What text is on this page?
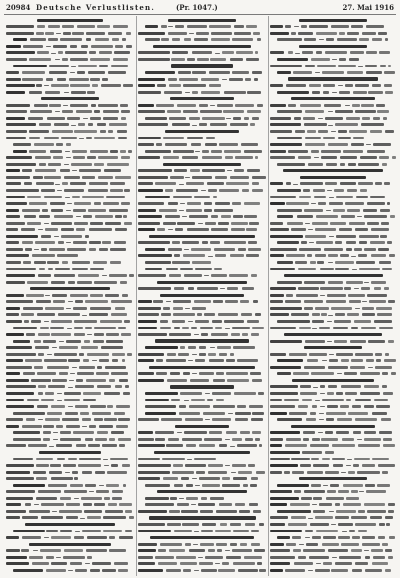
20984 Deutsche Verlustlisten.	(Pr. 1047.)	27. Mai 1916
